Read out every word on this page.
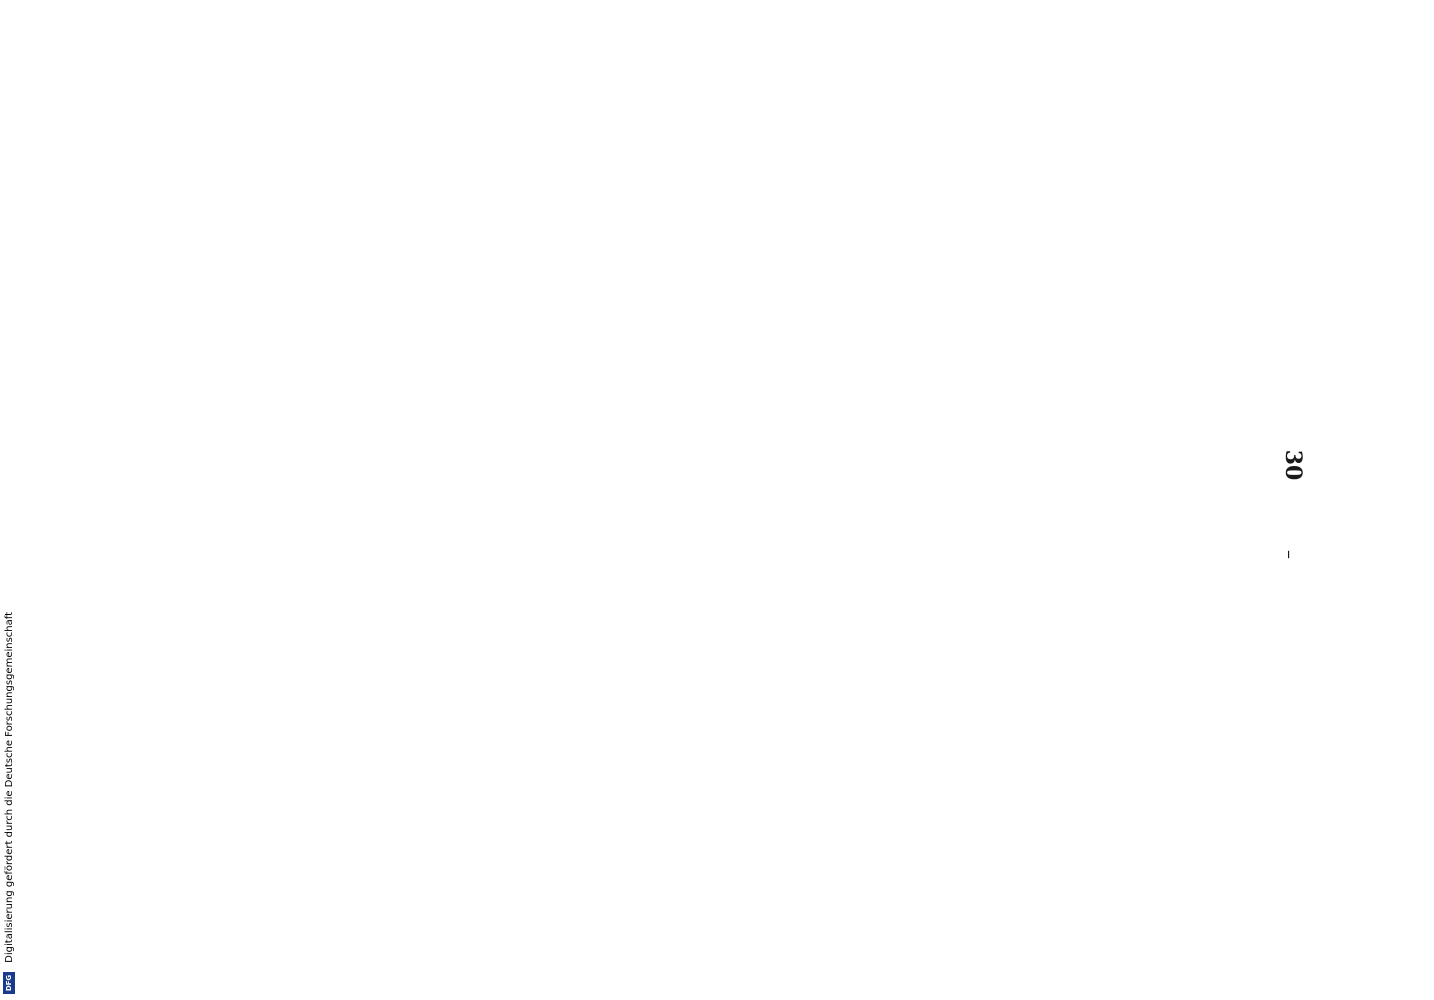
30
–

DFG Digitalisierung gefördert durch die Deutsche Forschungsgemeinschaft
